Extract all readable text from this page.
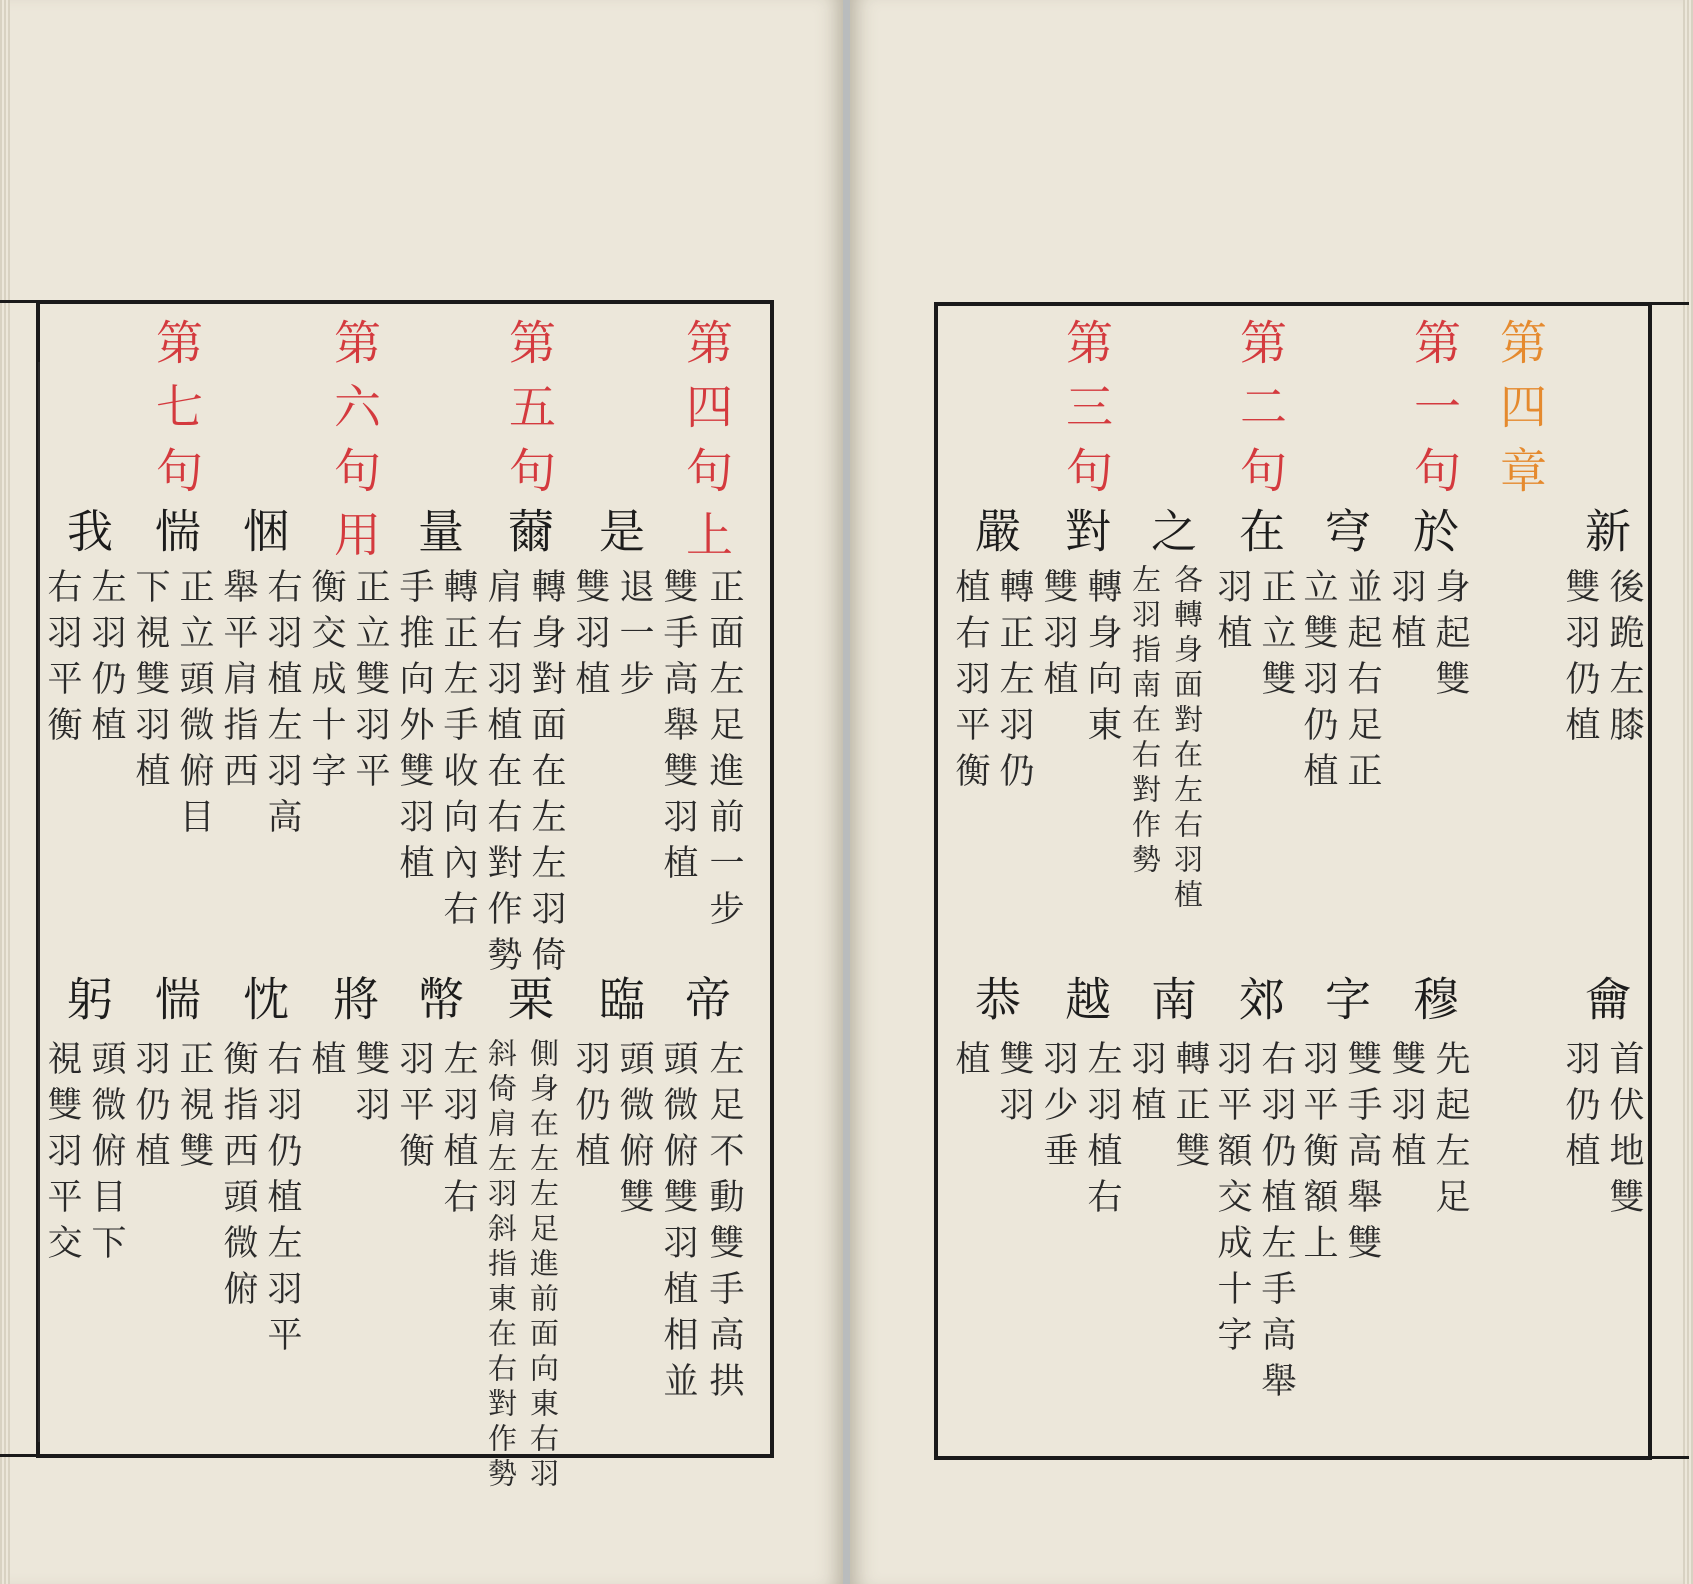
第四句上
第五句
第六句用
第七句
是
薾
量
悃
惴
我
正面左足進前一步
雙手高舉雙羽植
退一步
雙羽植
轉身對面在左左羽倚
肩右羽植在右對作勢
轉正左手收向內右
手推向外雙羽植
正立雙羽平
衡交成十字
右羽植左羽高
舉平肩指西
正立頭微俯目
下視雙羽植
左羽仍植
右羽平衡
帝
臨
栗
幣
將
忱
惴
躬
左足不動雙手高拱
頭微俯雙羽植相並
頭微俯雙
羽仍植
側身在左左足進前面向東右羽
斜倚肩左羽斜指東在右對作勢
左羽植右
羽平衡
雙羽
植
右羽仍植左羽平
衡指西頭微俯
正視雙
羽仍植
頭微俯目下
視雙羽平交
第四章
第一句
第二句
第三句
新
於
穹
在
之
對
嚴
後跪左膝
雙羽仍植
身起雙
羽植
並起右足正
立雙羽仍植
正立雙
羽植
各轉身面對在左右羽植
左羽指南在右對作勢
轉身向東
雙羽植
轉正左羽仍
植右羽平衡
龠
穆
字
郊
南
越
恭
首伏地雙
羽仍植
先起左足
雙羽植
雙手高舉雙
羽平衡額上
右羽仍植左手高舉
羽平額交成十字
轉正雙
羽植
左羽植右
羽少垂
雙羽
植
